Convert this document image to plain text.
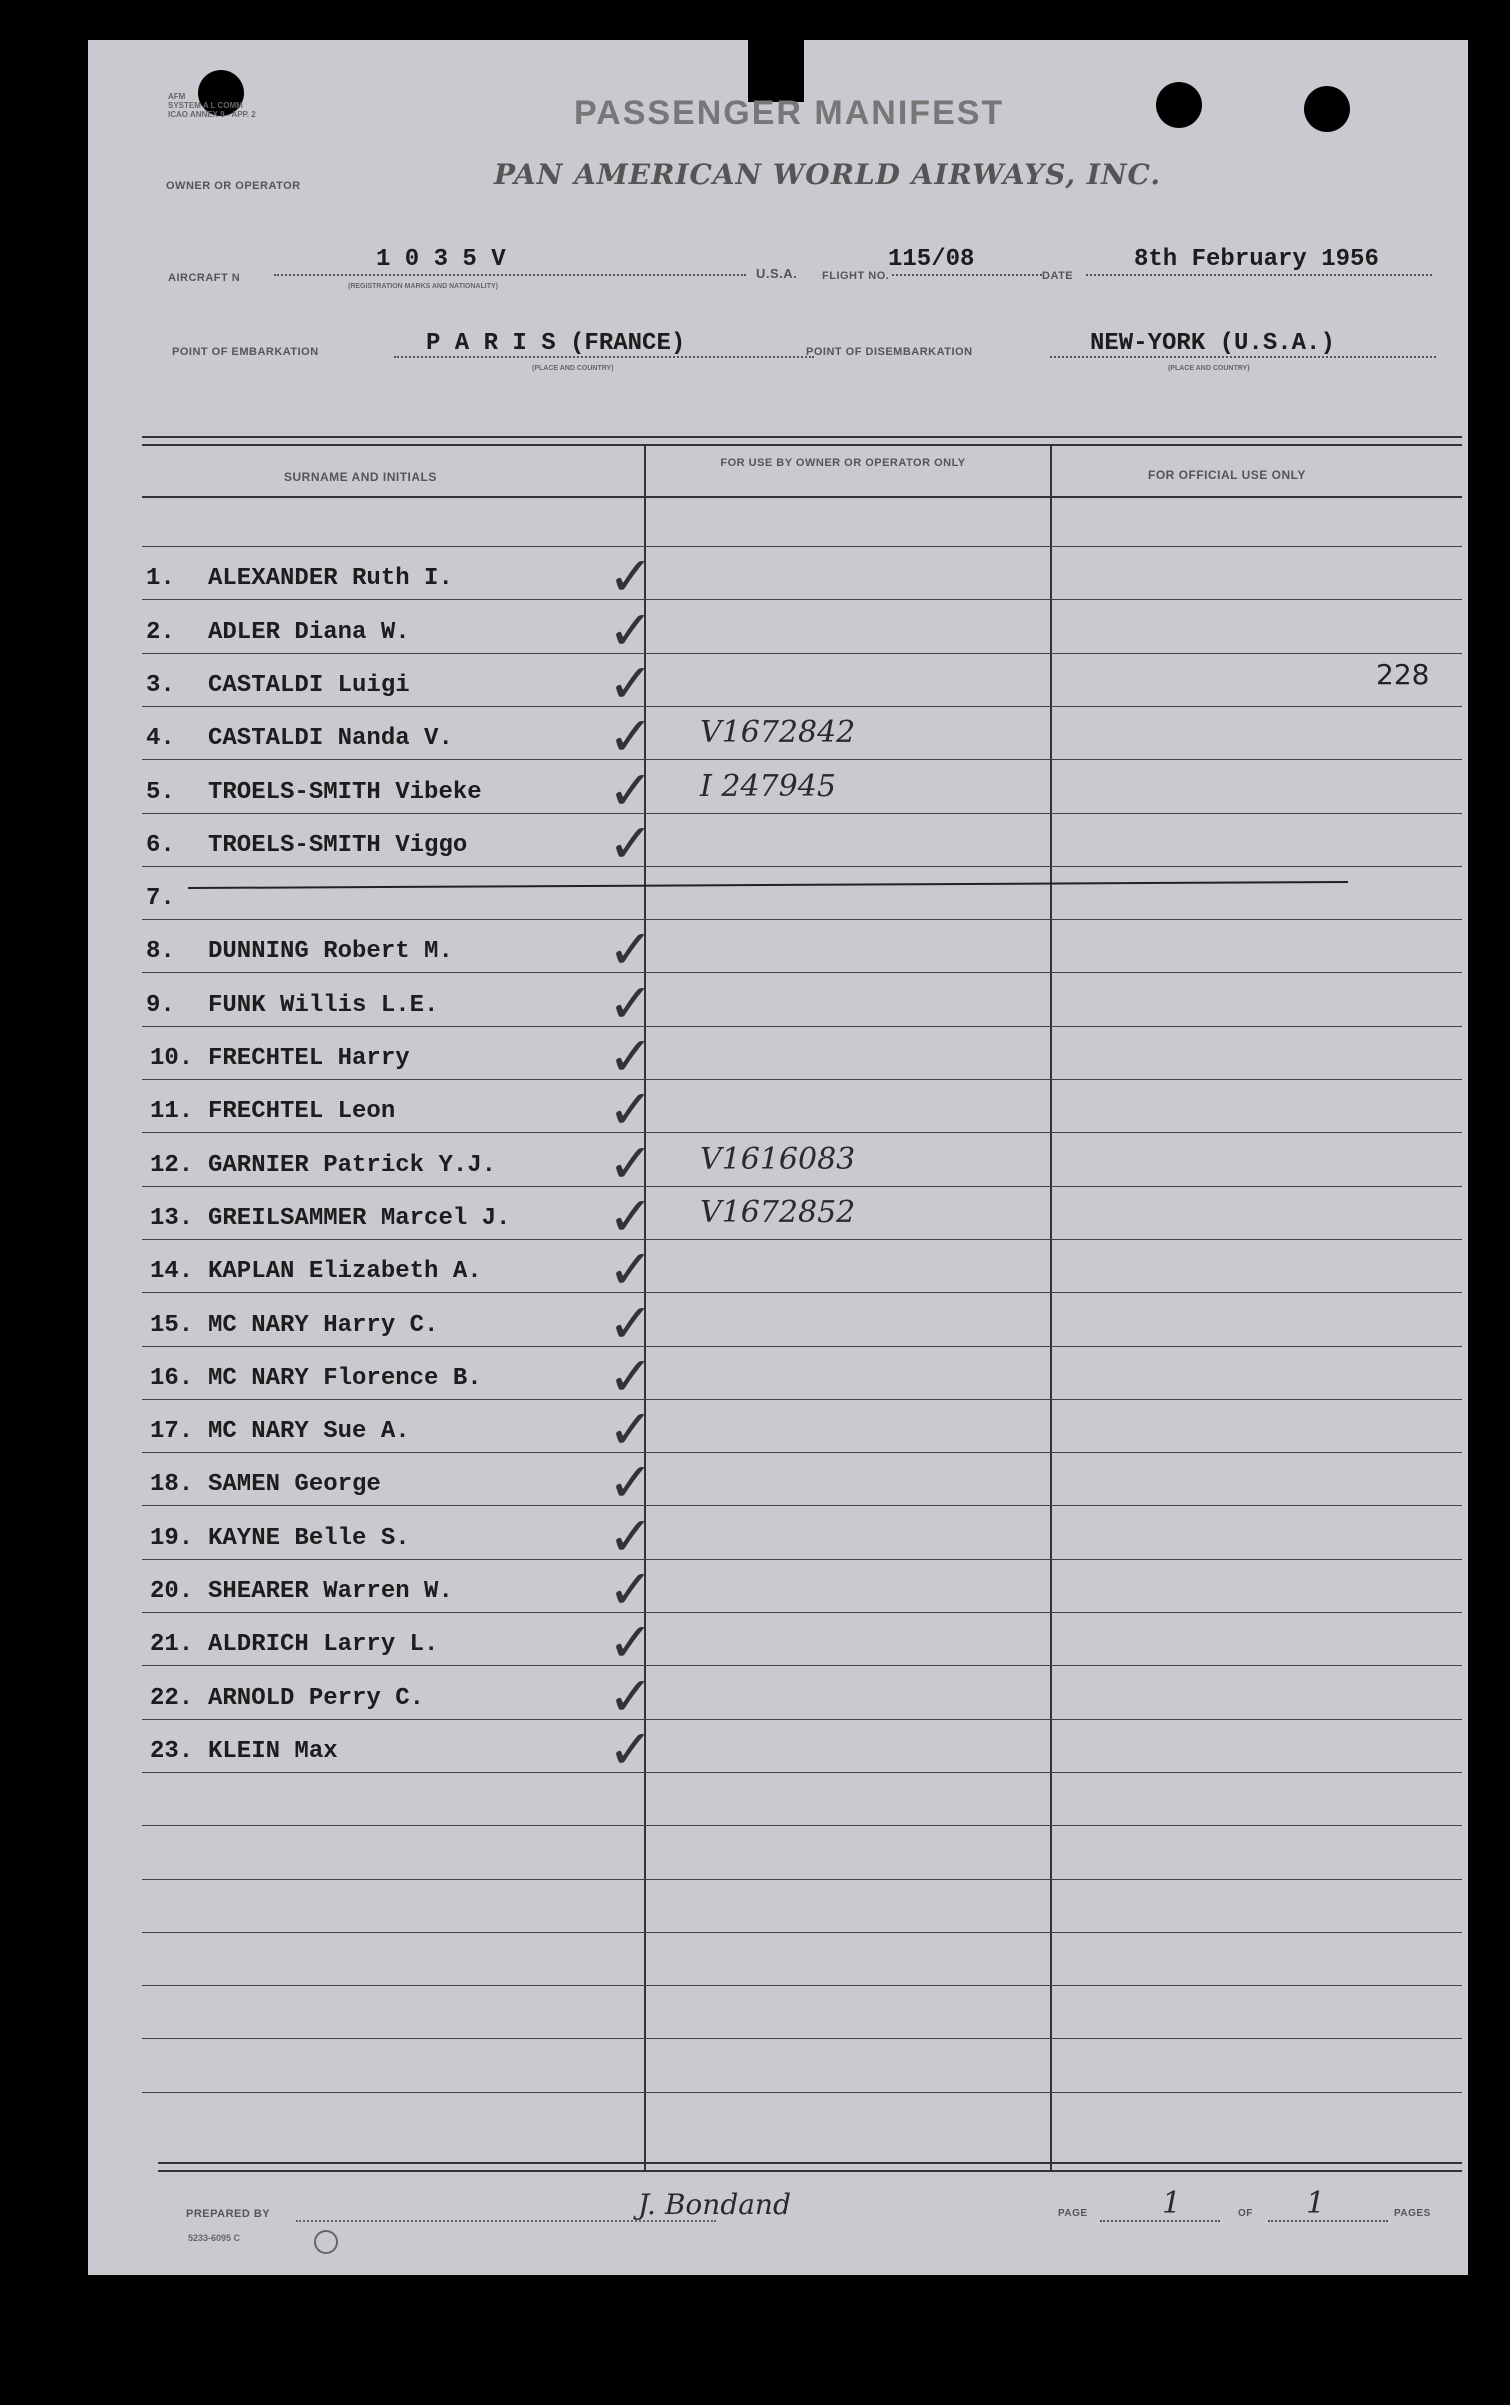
AFM
SYSTEM A L COMM
ICAO ANNEX 9 - APP. 2	PASSENGER MANIFEST
OWNER OR OPERATOR	PAN AMERICAN WORLD AIRWAYS, INC.
AIRCRAFT N
1 0 3 5 V
(REGISTRATION MARKS AND NATIONALITY)
U.S.A. FLIGHT NO.
115/08
DATE
8th February 1956
POINT OF EMBARKATION	P A R I S (FRANCE)
(PLACE AND COUNTRY)
POINT OF DISEMBARKATION	NEW-YORK (U.S.A.)
(PLACE AND COUNTRY)
SURNAME AND INITIALS
FOR USE BY OWNER OR OPERATOR ONLY
FOR OFFICIAL USE ONLY
1. ALEXANDER Ruth I.	✓
2. ADLER Diana W.	✓
3. CASTALDI Luigi	✓	228
4. CASTALDI Nanda V.	✓ V1672842
5. TROELS-SMITH Vibeke ✓ I 247945
6. TROELS-SMITH Viggo	✓
7.
8. DUNNING Robert M.	✓
9. FUNK Willis L.E.	✓
10. FRECHTEL Harry	✓
11. FRECHTEL Leon	✓
12. GARNIER Patrick Y.J. ✓ V1616083
13. GREILSAMMER Marcel J. ✓ V1672852
14. KAPLAN Elizabeth A. ✓
15. MC NARY Harry C.	✓
16. MC NARY Florence B. ✓
17. MC NARY Sue A.	✓
18. SAMEN George	✓
19. KAYNE Belle S.	✓
20. SHEARER Warren W.	✓
21. ALDRICH Larry L.	✓
22. ARNOLD Perry C.	✓
23. KLEIN Max	✓
PREPARED BY	J. Bondand
5233-6095 C
PAGE 1	OF 1	PAGES
